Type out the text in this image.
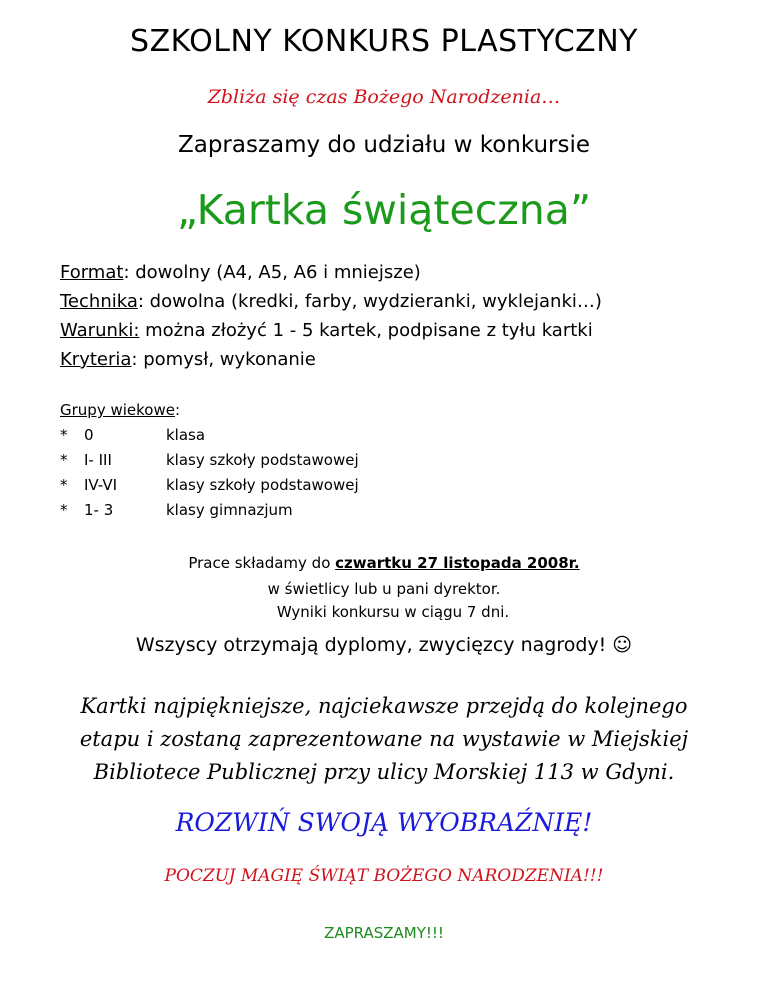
SZKOLNY KONKURS PLASTYCZNY
Zbliża się czas Bożego Narodzenia…
Zapraszamy do udziału w konkursie
„Kartka świąteczna”
Format: dowolny (A4, A5, A6 i mniejsze)
Technika: dowolna (kredki, farby, wydzieranki, wyklejanki…)
Warunki: można złożyć 1 - 5 kartek, podpisane z tyłu kartki
Kryteria: pomysł, wykonanie
Grupy wiekowe:
* 0	klasa
* I- III	klasy szkoły podstawowej
* IV-VI	klasy szkoły podstawowej
* 1- 3	klasy gimnazjum
Prace składamy do czwartku 27 listopada 2008r.
w świetlicy lub u pani dyrektor.
Wyniki konkursu w ciągu 7 dni.
Wszyscy otrzymają dyplomy, zwycięzcy nagrody! ☺
Kartki najpiękniejsze, najciekawsze przejdą do kolejnego
etapu i zostaną zaprezentowane na wystawie w Miejskiej
Bibliotece Publicznej przy ulicy Morskiej 113 w Gdyni.
ROZWIŃ SWOJĄ WYOBRAŹNIĘ!
POCZUJ MAGIĘ ŚWIĄT BOŻEGO NARODZENIA!!!
ZAPRASZAMY!!!
